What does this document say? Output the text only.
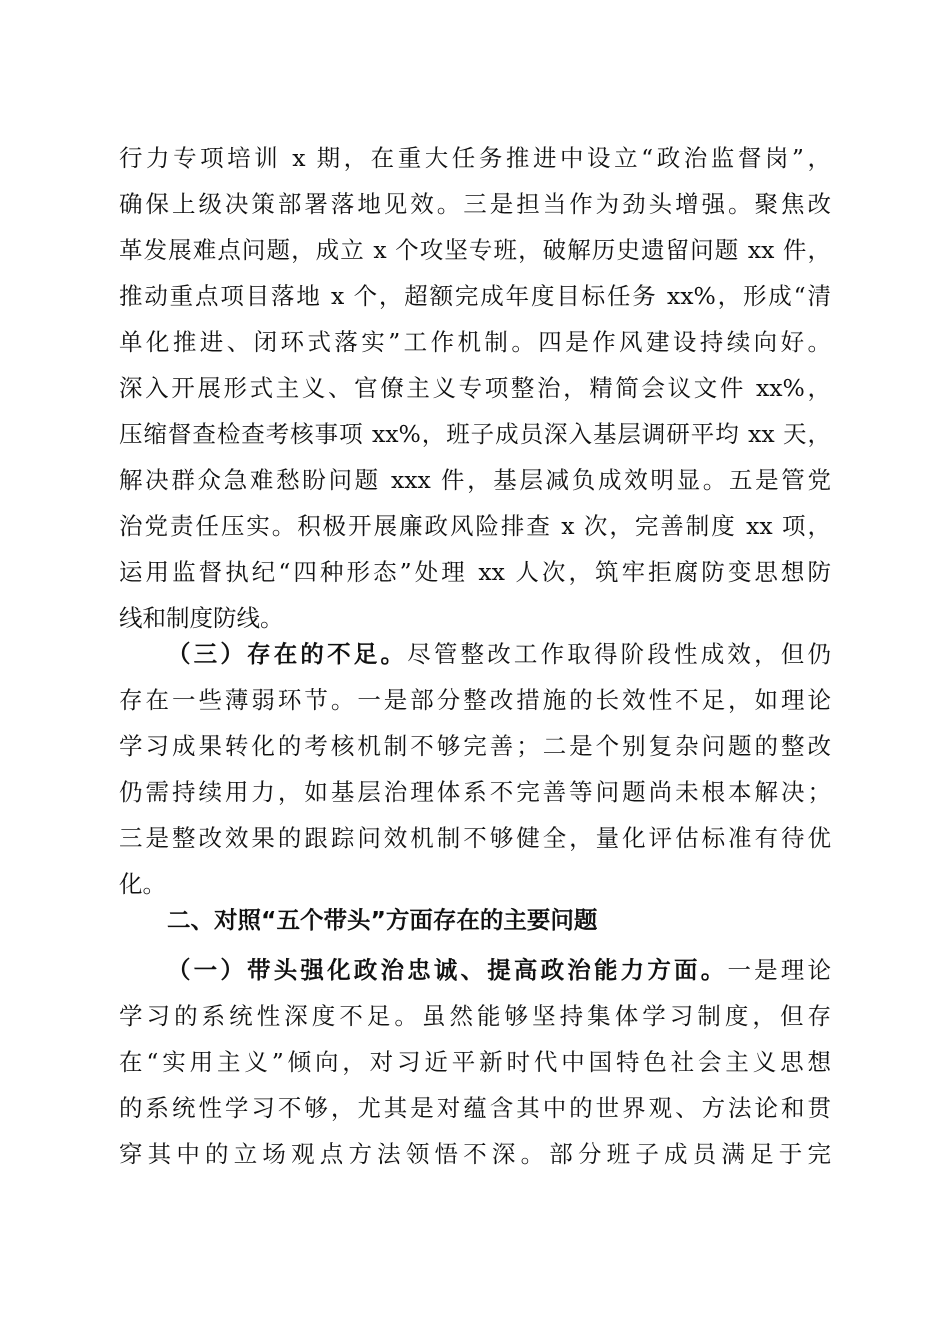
行力专项培训 x 期，在重大任务推进中设立“政治监督岗”，
确保上级决策部署落地见效。三是担当作为劲头增强。聚焦改
革发展难点问题，成立 x 个攻坚专班，破解历史遗留问题 xx 件，
推动重点项目落地 x 个，超额完成年度目标任务 xx%，形成“清
单化推进、闭环式落实”工作机制。四是作风建设持续向好。
深入开展形式主义、官僚主义专项整治，精简会议文件 xx%，
压缩督查检查考核事项 xx%，班子成员深入基层调研平均 xx 天，
解决群众急难愁盼问题 xxx 件，基层减负成效明显。五是管党
治党责任压实。积极开展廉政风险排查 x 次，完善制度 xx 项，
运用监督执纪“四种形态”处理 xx 人次，筑牢拒腐防变思想防
线和制度防线。
（三）存在的不足。尽管整改工作取得阶段性成效，但仍
存在一些薄弱环节。一是部分整改措施的长效性不足，如理论
学习成果转化的考核机制不够完善；二是个别复杂问题的整改
仍需持续用力，如基层治理体系不完善等问题尚未根本解决；
三是整改效果的跟踪问效机制不够健全，量化评估标准有待优
化。
二、对照“五个带头”方面存在的主要问题
（一）带头强化政治忠诚、提高政治能力方面。一是理论
学习的系统性深度不足。虽然能够坚持集体学习制度，但存
在“实用主义”倾向，对习近平新时代中国特色社会主义思想
的系统性学习不够，尤其是对蕴含其中的世界观、方法论和贯
穿其中的立场观点方法领悟不深。部分班子成员满足于完
